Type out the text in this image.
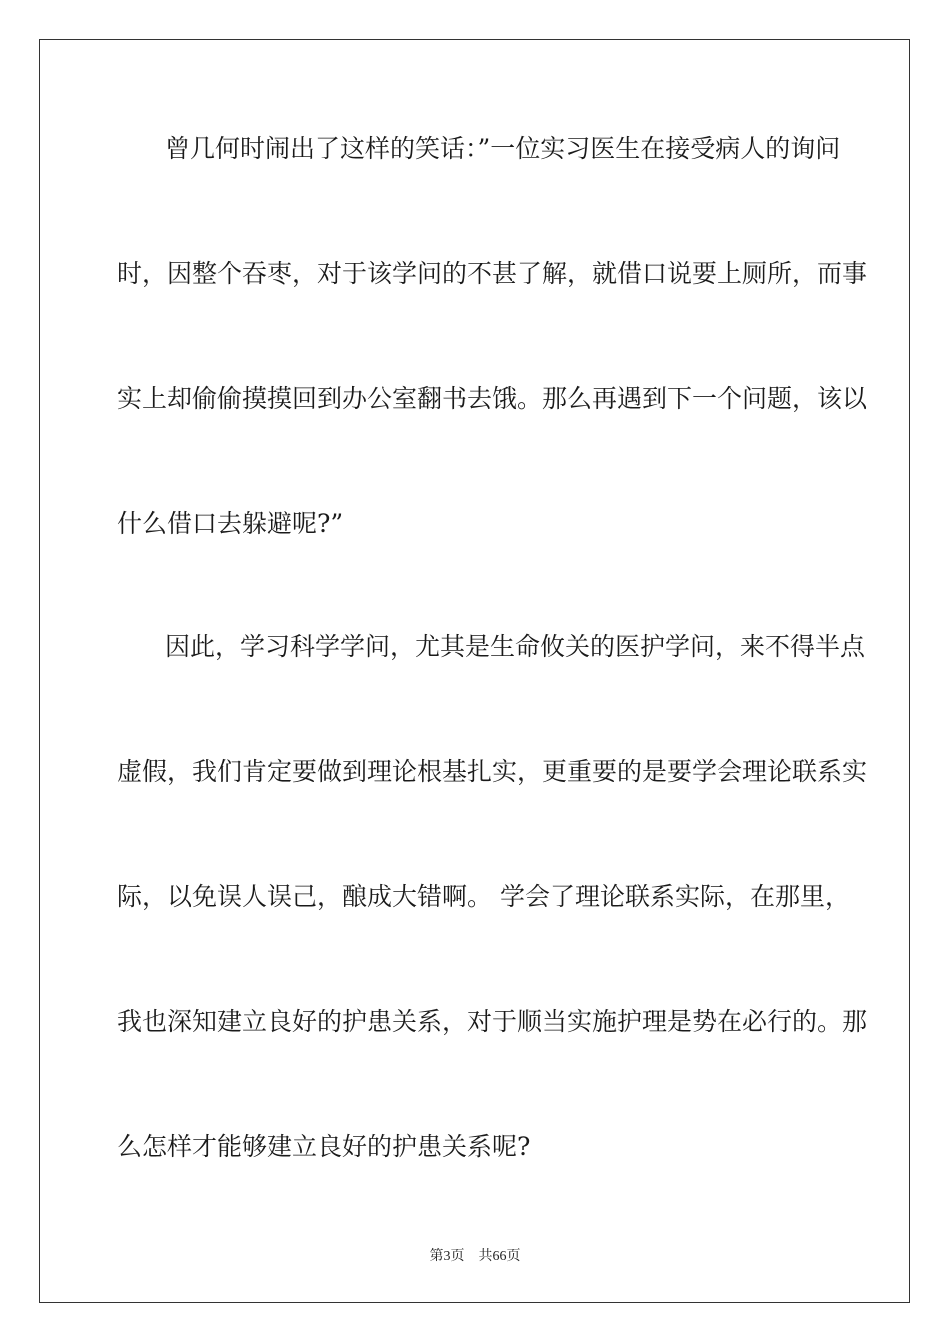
曾几何时闹出了这样的笑话：”一位实习医生在接受病人的询问
时，因整个吞枣，对于该学问的不甚了解，就借口说要上厕所，而事
实上却偷偷摸摸回到办公室翻书去饿。那么再遇到下一个问题，该以
什么借口去躲避呢?”
因此，学习科学学问，尤其是生命攸关的医护学问，来不得半点
虚假，我们肯定要做到理论根基扎实，更重要的是要学会理论联系实
际，以免误人误己，酿成大错啊。 学会了理论联系实际，在那里，
我也深知建立良好的护患关系，对于顺当实施护理是势在必行的。那
么怎样才能够建立良好的护患关系呢?
第3页 共66页
